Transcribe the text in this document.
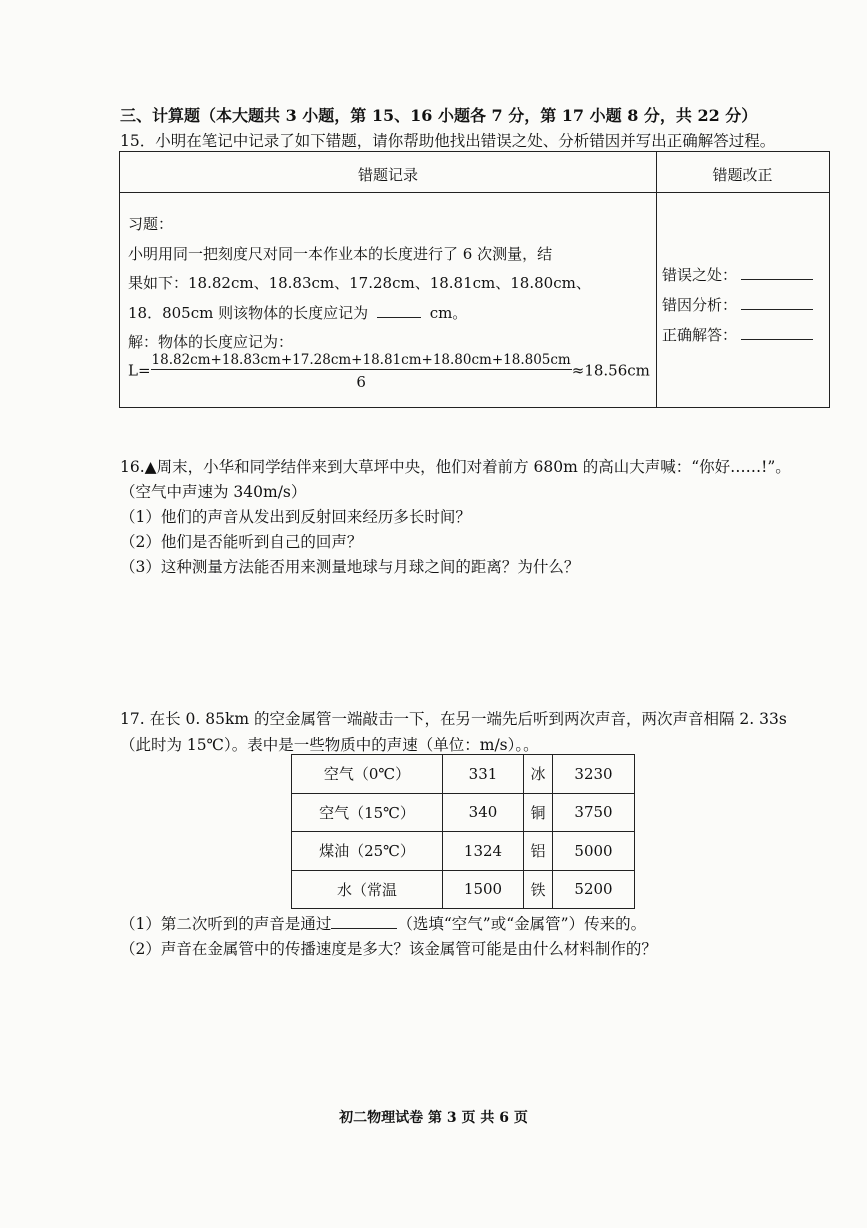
三、计算题（本大题共 3 小题，第 15、16 小题各 7 分，第 17 小题 8 分，共 22 分）
15．小明在笔记中记录了如下错题，请你帮助他找出错误之处、分析错因并写出正确解答过程。
错题记录	错题改正
习题：
小明用同一把刻度尺对同一本作业本的长度进行了 6 次测量，结
果如下：18.82cm、18.83cm、17.28cm、18.81cm、18.80cm、
18．805cm 则该物体的长度应记为	cm。
解：物体的长度应记为：
$L= \frac{18.82cm+18.83cm+17.28cm+18.81cm+18.80cm+18.805cm}{6} \approx 18.56cm$
错误之处：
错因分析：
正确解答：
16.▲周末，小华和同学结伴来到大草坪中央，他们对着前方 680m 的高山大声喊：“你好……!”。
（空气中声速为 340m/s）
（1）他们的声音从发出到反射回来经历多长时间？
（2）他们是否能听到自己的回声？
（3）这种测量方法能否用来测量地球与月球之间的距离？为什么？
17. 在长 0. 85km 的空金属管一端敲击一下，在另一端先后听到两次声音，两次声音相隔 2. 33s
（此时为 15℃）。表中是一些物质中的声速（单位：m/s）。。
空气（0℃）	331	冰	3230
空气（15℃）	340	铜	3750
煤油（25℃）	1324	铝	5000
水（常温	1500	铁	5200
（1）第二次听到的声音是通过	（选填“空气”或“金属管”）传来的。
（2）声音在金属管中的传播速度是多大？该金属管可能是由什么材料制作的？
初二物理试卷 第 3 页 共 6 页
